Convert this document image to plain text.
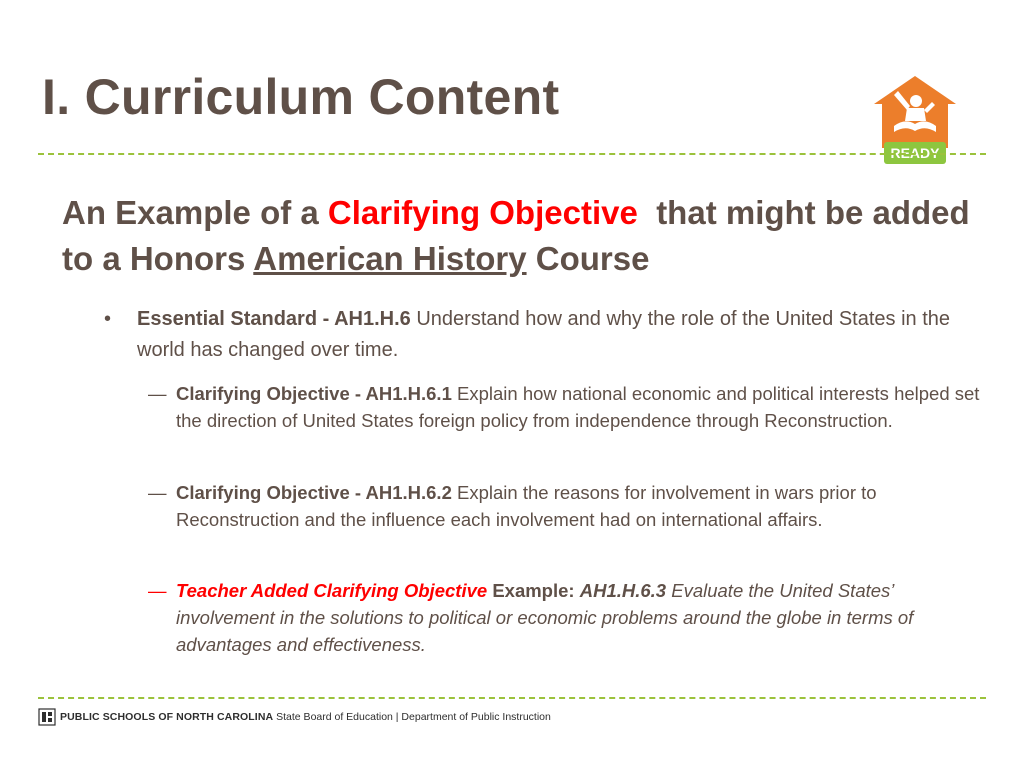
I. Curriculum Content
READY

An Example of a Clarifying Objective that might be added to a Honors American History Course

• Essential Standard - AH1.H.6 Understand how and why the role of the United States in the world has changed over time.
— Clarifying Objective - AH1.H.6.1 Explain how national economic and political interests helped set the direction of United States foreign policy from independence through Reconstruction.
— Clarifying Objective - AH1.H.6.2 Explain the reasons for involvement in wars prior to Reconstruction and the influence each involvement had on international affairs.
— Teacher Added Clarifying Objective Example: AH1.H.6.3 Evaluate the United States’ involvement in the solutions to political or economic problems around the globe in terms of advantages and effectiveness.
PUBLIC SCHOOLS OF NORTH CAROLINA
State Board of Education | Department of Public Instruction
